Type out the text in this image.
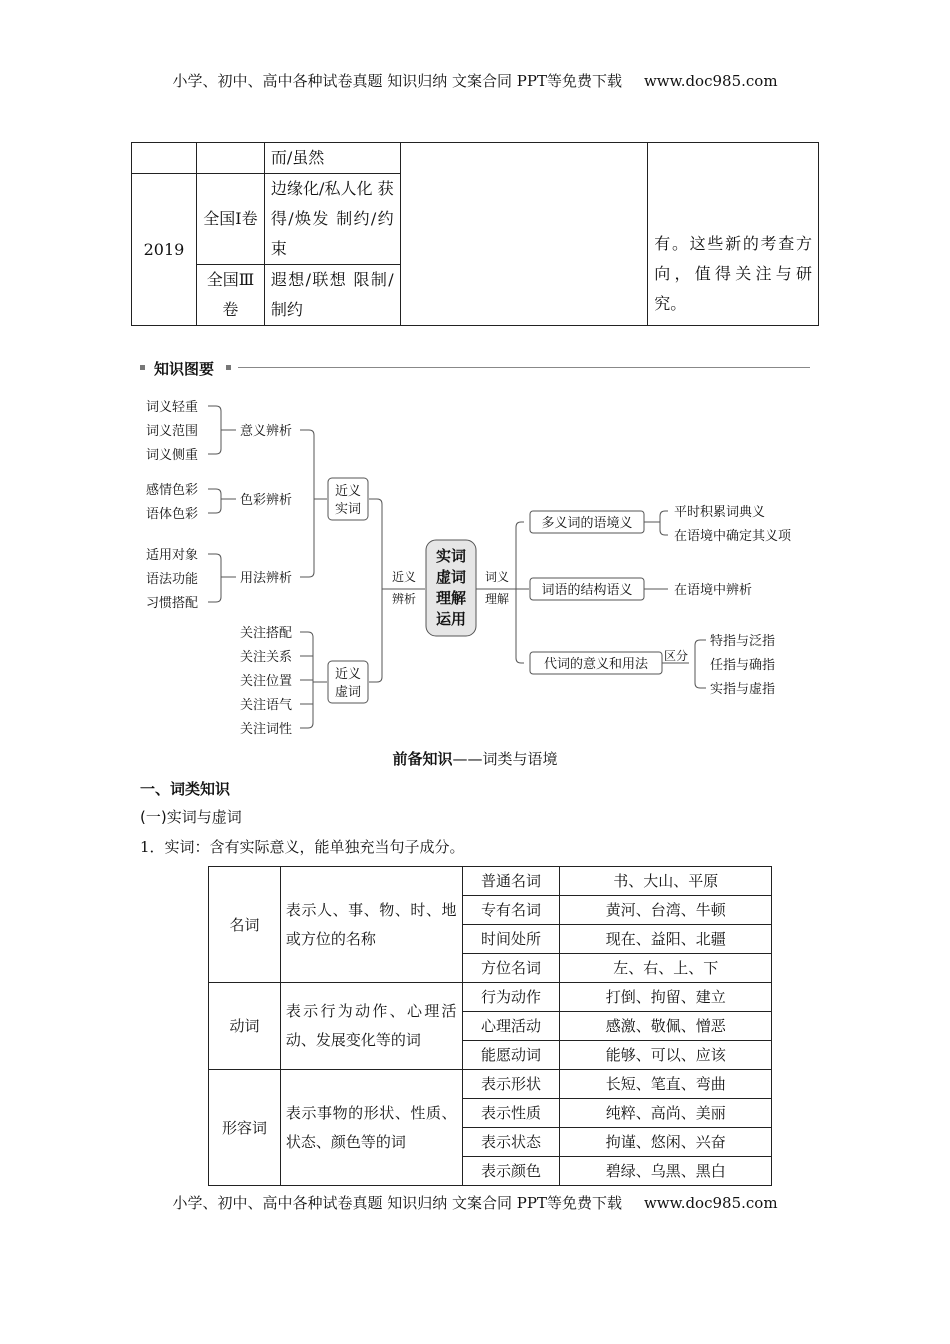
小学、初中、高中各种试卷真题 知识归纳 文案合同 PPT等免费下载 www.doc985.com
		而/虽然		有。这些新的考查方向，值得关注与研究。
2019	全国Ⅰ卷	边缘化/私人化 获得/焕发 制约/约束		
	全国Ⅲ卷	遐想/联想 限制/制约		
知识图要
词义轻重
词义范围
词义侧重
意义辨析
感情色彩
语体色彩
色彩辨析
适用对象
语法功能
习惯搭配
用法辨析
近义
实词
关注搭配
关注关系
关注位置
关注语气
关注词性
近义
虚词
近义
辨析
实词
虚词
理解
运用
词义
理解
多义词的语境义
平时积累词典义
在语境中确定其义项
词语的结构语义	在语境中辨析
代词的意义和用法
区分
特指与泛指
任指与确指
实指与虚指
前备知识——词类与语境
一、词类知识
(一)实词与虚词
1．实词：含有实际意义，能单独充当句子成分。
名词	表示人、事、物、时、地或方位的名称	普通名词	书、大山、平原
		专有名词	黄河、台湾、牛顿
		时间处所	现在、益阳、北疆
		方位名词	左、右、上、下
动词	表示行为动作、心理活动、发展变化等的词	行为动作	打倒、拘留、建立
		心理活动	感激、敬佩、憎恶
		能愿动词	能够、可以、应该
形容词	表示事物的形状、性质、状态、颜色等的词	表示形状	长短、笔直、弯曲
		表示性质	纯粹、高尚、美丽
		表示状态	拘谨、悠闲、兴奋
		表示颜色	碧绿、乌黑、黑白
小学、初中、高中各种试卷真题 知识归纳 文案合同 PPT等免费下载 www.doc985.com
